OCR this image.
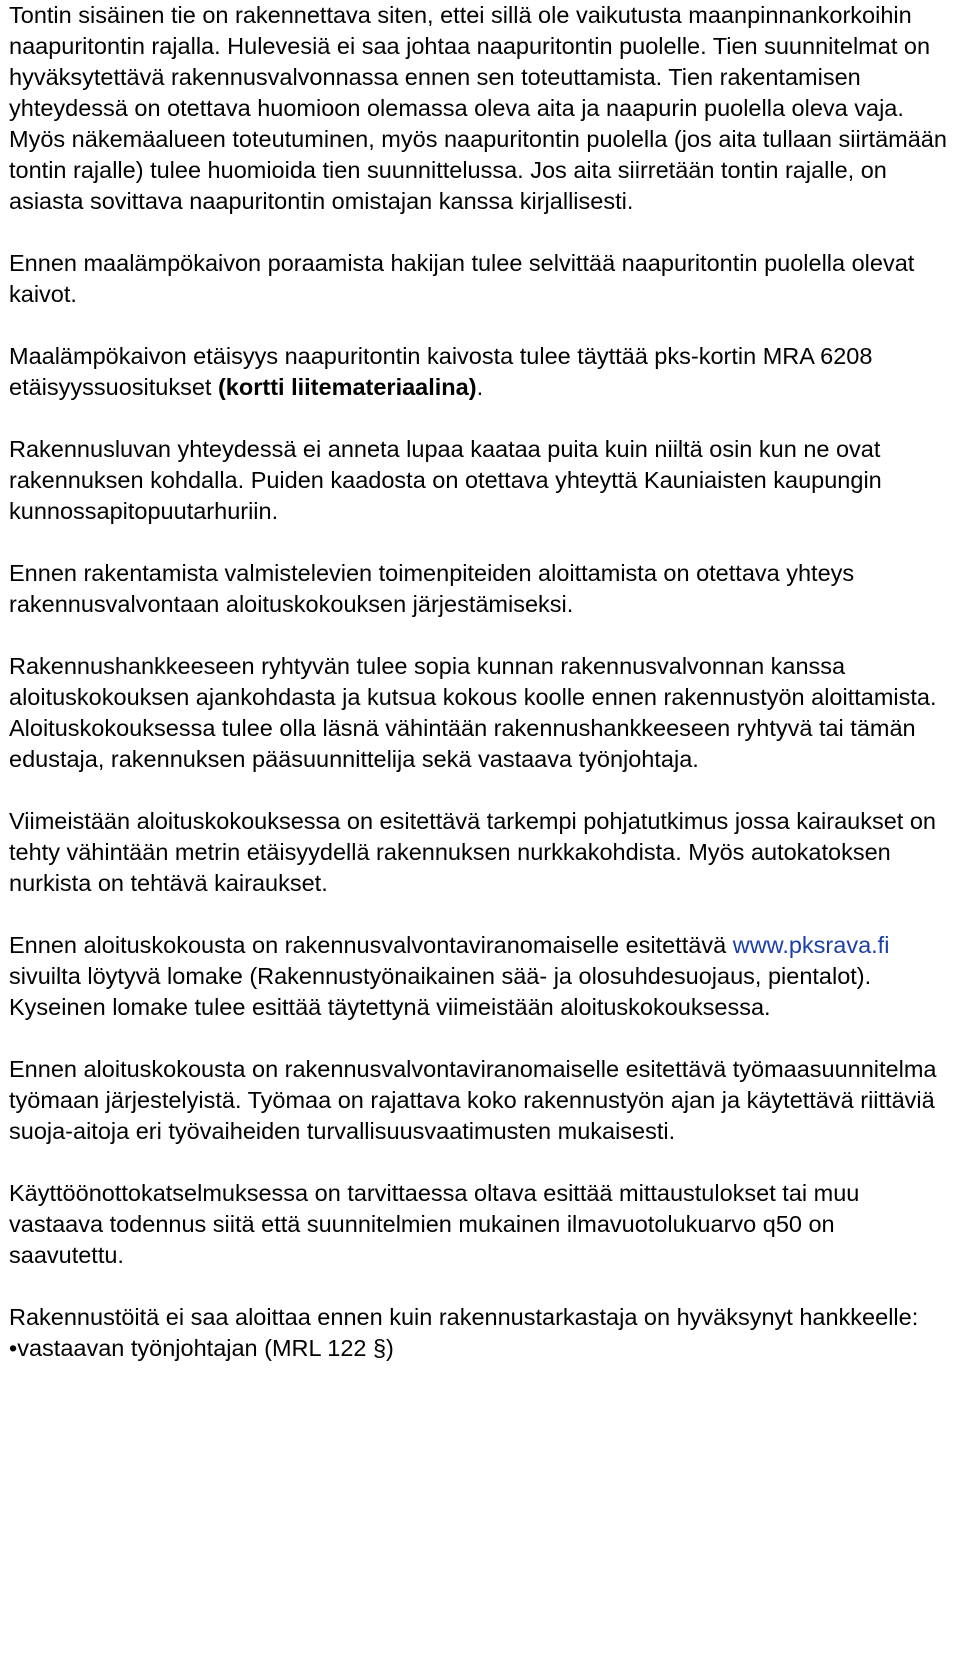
Tontin sisäinen tie on rakennettava siten, ettei sillä ole vaikutusta maanpinnankorkoihin naapuritontin rajalla. Hulevesiä ei saa johtaa naapuritontin puolelle. Tien suunnitelmat on hyväksytettävä rakennusvalvonnassa ennen sen toteuttamista. Tien rakentamisen yhteydessä on otettava huomioon olemassa oleva aita ja naapurin puolella oleva vaja. Myös näkemäalueen toteutuminen, myös naapuritontin puolella (jos aita tullaan siirtämään tontin rajalle) tulee huomioida tien suunnittelussa. Jos aita siirretään tontin rajalle, on asiasta sovittava naapuritontin omistajan kanssa kirjallisesti.

Ennen maalämpökaivon poraamista hakijan tulee selvittää naapuritontin puolella olevat kaivot.

Maalämpökaivon etäisyys naapuritontin kaivosta tulee täyttää pks-kortin MRA 6208 etäisyyssuositukset (kortti liitemateriaalina).

Rakennusluvan yhteydessä ei anneta lupaa kaataa puita kuin niiltä osin kun ne ovat rakennuksen kohdalla. Puiden kaadosta on otettava yhteyttä Kauniaisten kaupungin kunnossapitopuutarhuriin.

Ennen rakentamista valmistelevien toimenpiteiden aloittamista on otettava yhteys rakennusvalvontaan aloituskokouksen järjestämiseksi.

Rakennushankkeeseen ryhtyvän tulee sopia kunnan rakennusvalvonnan kanssa aloituskokouksen ajankohdasta ja kutsua kokous koolle ennen rakennustyön aloittamista.

Aloituskokouksessa tulee olla läsnä vähintään rakennushankkeeseen ryhtyvä tai tämän edustaja, rakennuksen pääsuunnittelija sekä vastaava työnjohtaja.

Viimeistään aloituskokouksessa on esitettävä tarkempi pohjatutkimus jossa kairaukset on tehty vähintään metrin etäisyydellä rakennuksen nurkkakohdista. Myös autokatoksen nurkista on tehtävä kairaukset.

Ennen aloituskokousta on rakennusvalvontaviranomaiselle esitettävä www.pksrava.fi sivuilta löytyvä lomake (Rakennustyönaikainen sää- ja olosuhdesuojaus, pientalot). Kyseinen lomake tulee esittää täytettynä viimeistään aloituskokouksessa.

Ennen aloituskokousta on rakennusvalvontaviranomaiselle esitettävä työmaasuunnitelma työmaan järjestelyistä. Työmaa on rajattava koko rakennustyön ajan ja käytettävä riittäviä suoja-aitoja eri työvaiheiden turvallisuusvaatimusten mukaisesti.

Käyttöönottokatselmuksessa on tarvittaessa oltava esittää mittaustulokset tai muu vastaava todennus siitä että suunnitelmien mukainen ilmavuotolukuarvo q50 on saavutettu.

Rakennustöitä ei saa aloittaa ennen kuin rakennustarkastaja on hyväksynyt hankkeelle:

•vastaavan työnjohtajan (MRL 122 §)
